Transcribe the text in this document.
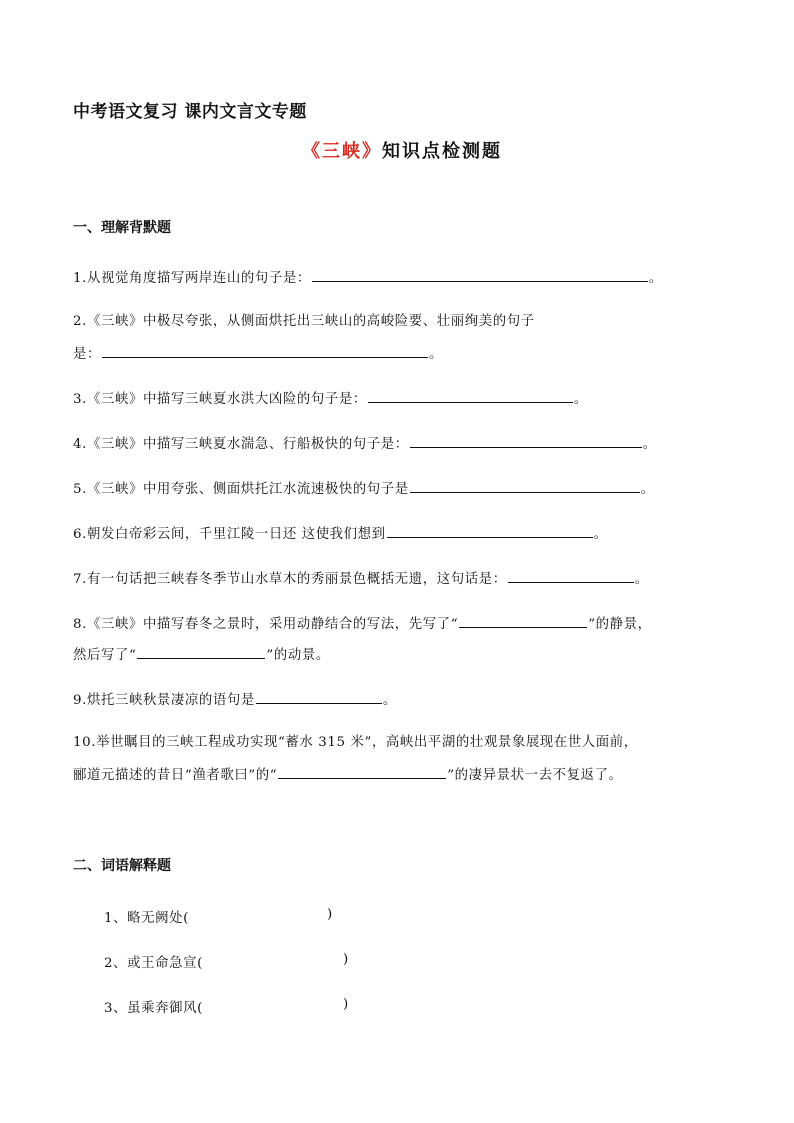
中考语文复习 课内文言文专题
《三峡》知识点检测题
一、理解背默题
1.从视觉角度描写两岸连山的句子是：	。
2.《三峡》中极尽夸张，从侧面烘托出三峡山的高峻险要、壮丽绚美的句子
是：	。
3.《三峡》中描写三峡夏水洪大凶险的句子是：	。
4.《三峡》中描写三峡夏水湍急、行船极快的句子是：	。
5.《三峡》中用夸张、侧面烘托江水流速极快的句子是	。
6.朝发白帝彩云间，千里江陵一日还 这使我们想到	。
7.有一句话把三峡春冬季节山水草木的秀丽景色概括无遗，这句话是：	。
8.《三峡》中描写春冬之景时，采用动静结合的写法，先写了“	”的静景，
然后写了“	”的动景。
9.烘托三峡秋景凄凉的语句是	。
10.举世瞩目的三峡工程成功实现“蓄水 315 米”，高峡出平湖的壮观景象展现在世人面前，
郦道元描述的昔日“渔者歌曰”的“	”的凄异景状一去不复返了。
二、词语解释题
1、略无阙处(	)
2、或王命急宣(	)
3、虽乘奔御风(	)
